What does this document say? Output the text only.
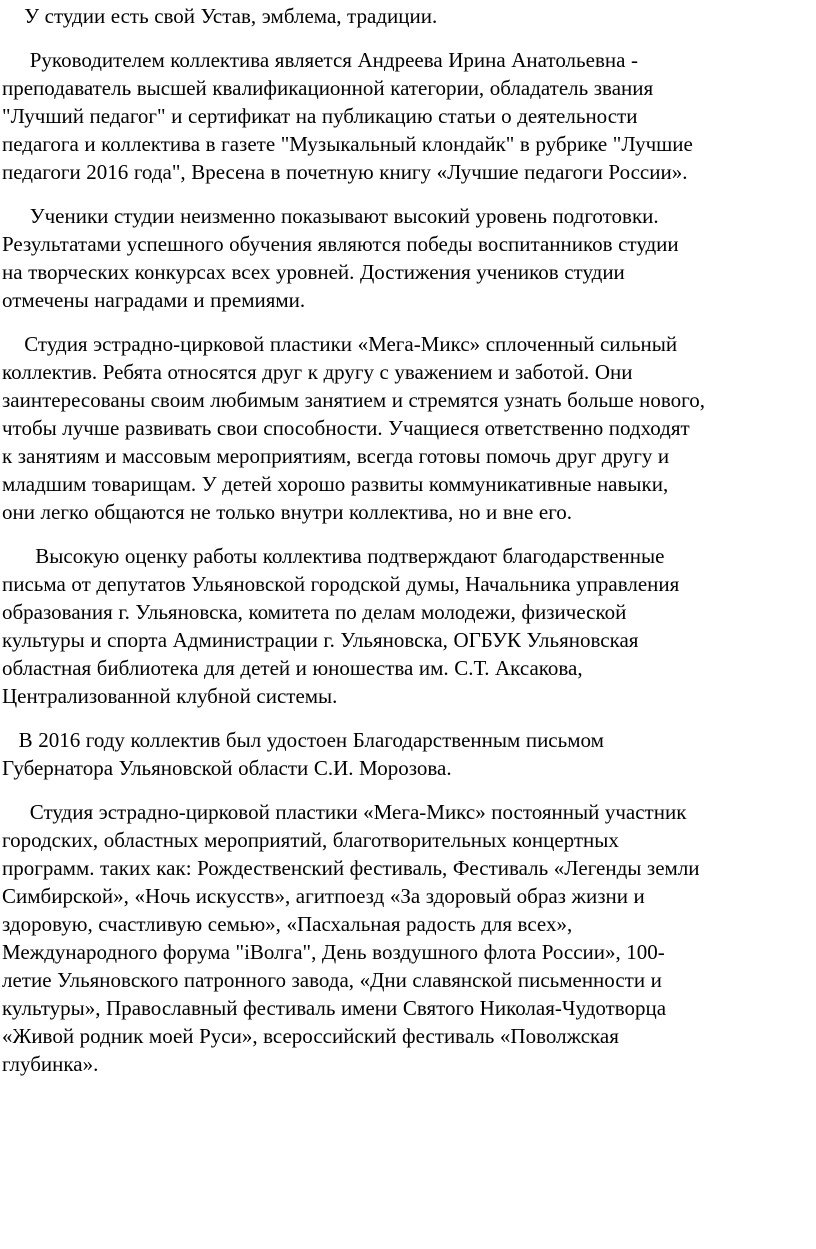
У студии есть свой Устав, эмблема, традиции.
Руководителем коллектива является Андреева Ирина Анатольевна -
преподаватель высшей квалификационной категории, обладатель звания
"Лучший педагог" и сертификат на публикацию статьи о деятельности
педагога и коллектива в газете "Музыкальный клондайк" в рубрике "Лучшие
педагоги 2016 года", Вресена в почетную книгу «Лучшие педагоги России».
Ученики студии неизменно показывают высокий уровень подготовки.
Результатами успешного обучения являются победы воспитанников студии
на творческих конкурсах всех уровней. Достижения учеников студии
отмечены наградами и премиями.
Студия эстрадно-цирковой пластики «Мега-Микс» сплоченный сильный
коллектив. Ребята относятся друг к другу с уважением и заботой. Они
заинтересованы своим любимым занятием и стремятся узнать больше нового,
чтобы лучше развивать свои способности. Учащиеся ответственно подходят
к занятиям и массовым мероприятиям, всегда готовы помочь друг другу и
младшим товарищам. У детей хорошо развиты коммуникативные навыки,
они легко общаются не только внутри коллектива, но и вне его.
Высокую оценку работы коллектива подтверждают благодарственные
письма от депутатов Ульяновской городской думы, Начальника управления
образования г. Ульяновска, комитета по делам молодежи, физической
культуры и спорта Администрации г. Ульяновска, ОГБУК Ульяновская
областная библиотека для детей и юношества им. С.Т. Аксакова,
Централизованной клубной системы.
В 2016 году коллектив был удостоен Благодарственным письмом
Губернатора Ульяновской области С.И. Морозова.
Студия эстрадно-цирковой пластики «Мега-Микс» постоянный участник
городских, областных мероприятий, благотворительных концертных
программ. таких как: Рождественский фестиваль, Фестиваль «Легенды земли
Симбирской», «Ночь искусств», агитпоезд «За здоровый образ жизни и
здоровую, счастливую семью», «Пасхальная радость для всех»,
Международного форума "iВолга", День воздушного флота России», 100-
летие Ульяновского патронного завода, «Дни славянской письменности и
культуры», Православный фестиваль имени Святого Николая-Чудотворца
«Живой родник моей Руси», всероссийский фестиваль «Поволжская
глубинка».
